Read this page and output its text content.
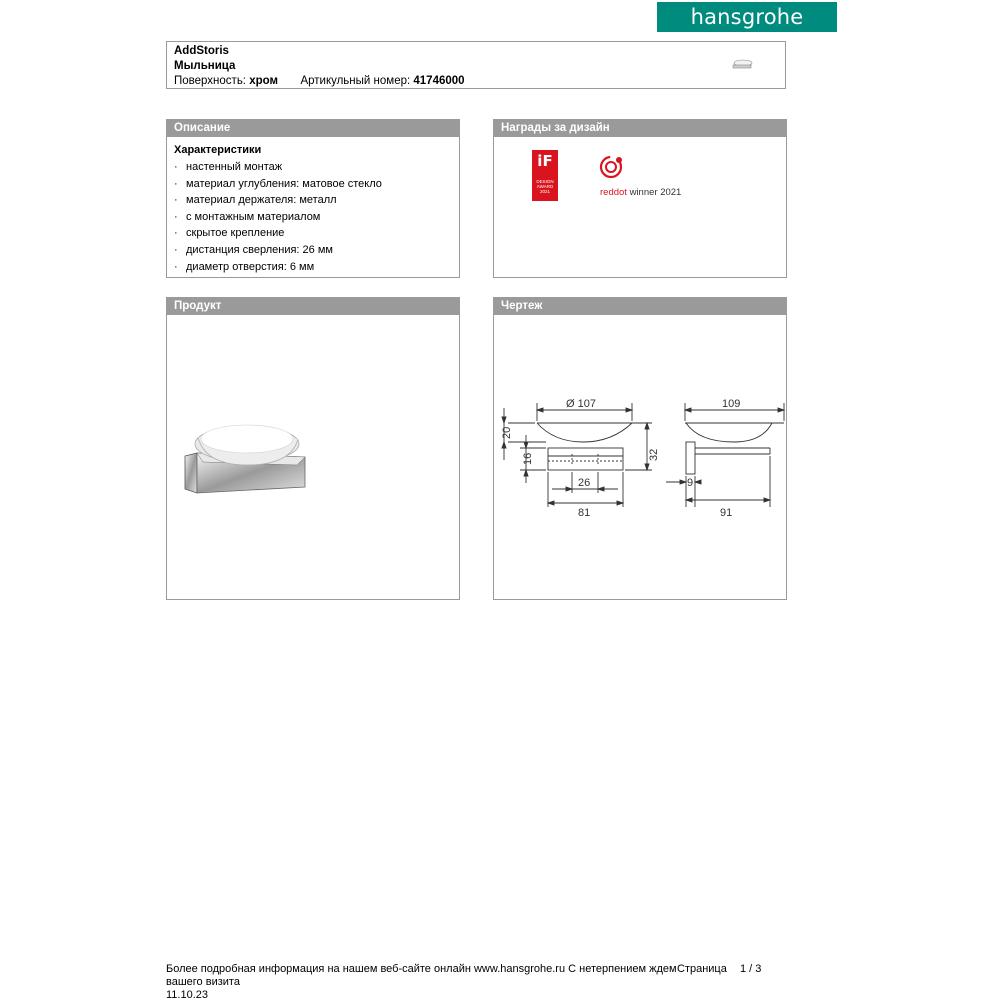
hansgrohe
AddStoris
Мыльница
Поверхность: хром Артикульный номер: 41746000
Описание
Характеристики
· настенный монтаж
· материал углубления: матовое стекло
· материал держателя: металл
· с монтажным материалом
· скрытое крепление
· дистанция сверления: 26 мм
· диаметр отверстия: 6 мм
Награды за дизайн
iF
DESIGN
AWARD
2021	reddot winner 2021
Продукт	Чертеж
Ø 107	109
20
16	32
26
81	91
9
Более подробная информация на нашем веб-сайте онлайн www.hansgrohe.ru С нетерпением ждем Страница	1 / 3
вашего визита
11.10.23
